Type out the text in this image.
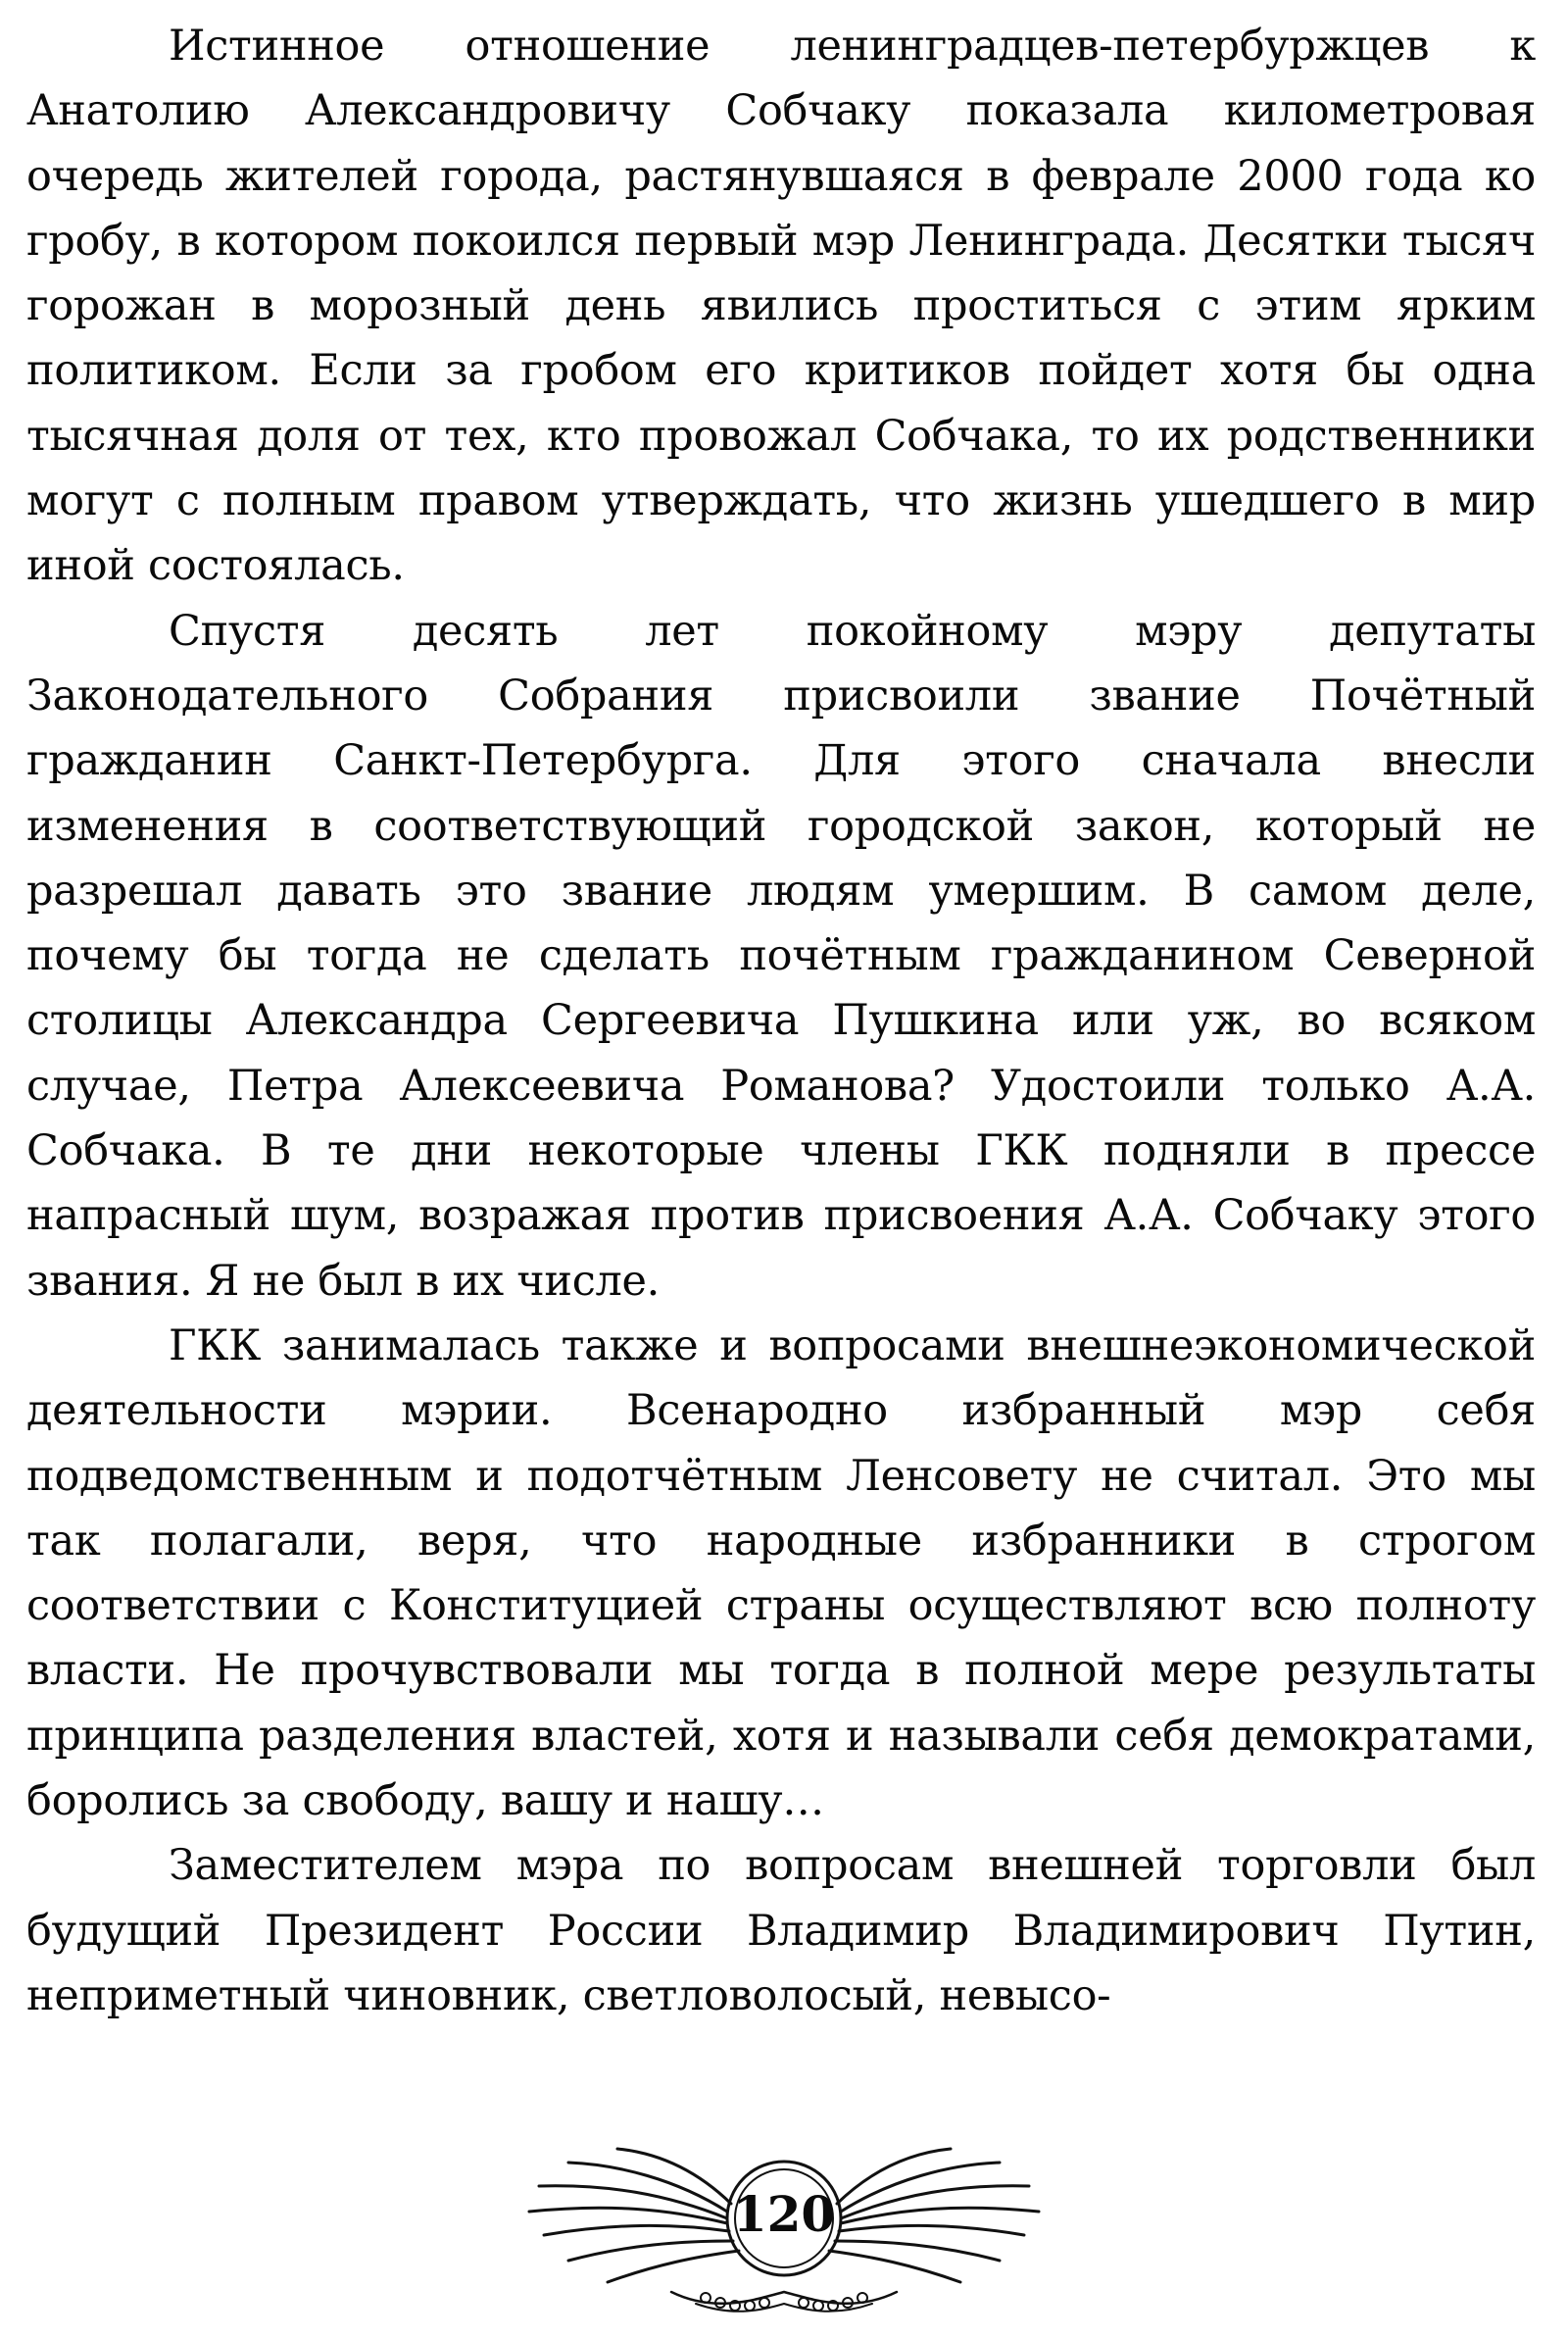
Истинное отношение ленинградцев-петербуржцев к Анатолию Александровичу Собчаку показала километровая очередь жителей города, растянувшаяся в феврале 2000 года ко гробу, в котором покоился первый мэр Ленинграда. Десятки тысяч горожан в морозный день явились проститься с этим ярким политиком. Если за гробом его критиков пойдет хотя бы одна тысячная доля от тех, кто провожал Собчака, то их родственники могут с полным правом утверждать, что жизнь ушедшего в мир иной состоялась.

Спустя десять лет покойному мэру депутаты Законодательного Собрания присвоили звание Почётный гражданин Санкт-Петербурга. Для этого сначала внесли изменения в соответствующий городской закон, который не разрешал давать это звание людям умершим. В самом деле, почему бы тогда не сделать почётным гражданином Северной столицы Александра Сергеевича Пушкина или уж, во всяком случае, Петра Алексеевича Романова? Удостоили только А.А. Собчака. В те дни некоторые члены ГКК подняли в прессе напрасный шум, возражая против присвоения А.А. Собчаку этого звания. Я не был в их числе.

ГКК занималась также и вопросами внешнеэкономической деятельности мэрии. Всенародно избранный мэр себя подведомственным и подотчётным Ленсовету не считал. Это мы так полагали, веря, что народные избранники в строгом соответствии с Конституцией страны осуществляют всю полноту власти. Не прочувствовали мы тогда в полной мере результаты принципа разделения властей, хотя и называли себя демократами, боролись за свободу, вашу и нашу…

Заместителем мэра по вопросам внешней торговли был будущий Президент России Владимир Владимирович Путин, неприметный чиновник, светловолосый, невысо-

120
